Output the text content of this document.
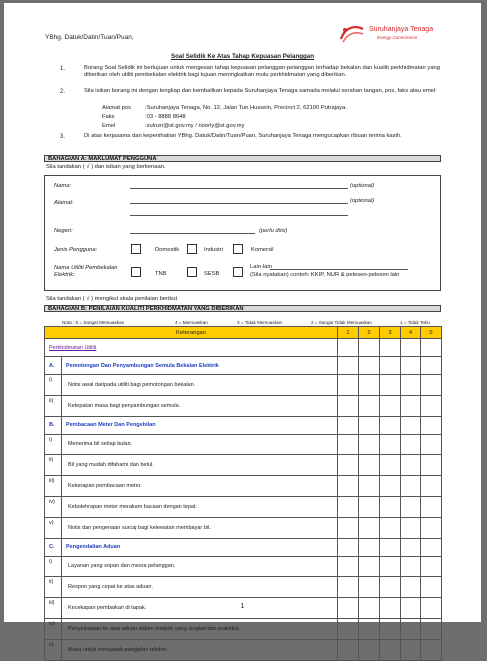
YBhg. Datuk/Datin/Tuan/Puan,
Suruhanjaya Tenaga
Energy Commission
Soal Selidik Ke Atas Tahap Kepuasan Pelanggan
1.	Borang Soal Selidik ini bertujuan untuk mengesan tahap kepuasan pelanggan-pelanggan terhadap bekalan dan kualiti perkhidmatan yang diberikan oleh utiliti pembekalan elektrik bagi tujuan meningkatkan mutu perkhidmatan yang diberikan.
2.	Sila isikan borang ini dengan lengkap dan kembalikan kepada Suruhanjaya Tenaga samada melalui serahan tangan, pos, faks atau emel:
Alamat pos :Suruhanjaya Tenaga, No. 12, Jalan Tun Hussein, Precinct 2, 62100 Putrajaya.
Faks	:03 - 8888 8648
Emel	:zulozri@st.gov.my / noorly@st.gov.my
3.	Di atas kerjasama dan kepenihatian YBhg. Datuk/Datin/Tuan/Puan, Suruhanjaya Tenaga mengucapkan ribuan terima kasih.
BAHAGIAN A: MAKLUMAT PENGGUNA
Sila tandakan ( √ ) dan isikan yang berkenaan.
Nama:	(optional)
Alamat:	(optional)
Negeri:	(perlu diisi)
Jenis Pengguna:	Domestik	Industri	Komersil
Nama Utiliti Pembekalan Elektrik:	TNB	SESB
Lain-lain
(Sila nyatakan) contoh: KKIP, NUR & pelesen-pelesen lain
Sila tandakan ( √ ) mengikut skala penilaian berikut
BAHAGIAN B: PENILAIAN KUALITI PERKHIDMATAN YANG DIBERIKAN
Nota : 5 = Sangat Memuaskan	4 = Memuaskan	3 = Tidak Memuaskan	2 = Sangat Tidak Memuaskan	1 = Tidak Tahu
Keterangan		1	2	3	4	5
Perkhidmatan Utiliti						
A.	Pemotongan Dan Penyambungan Semula Bekalan Elektrik					
i)	Notis awal daripada utiliti bagi pemotongan bekalan.					
ii)	Ketepatan masa bagi penyambungan semula.					
B.	Pembacaan Meter Dan Pengebilan					
i)	Menerima bil setiap bulan.					
ii)	Bil yang mudah difahami dan betul.					
iii)	Kekerapan pembacaan meter.					
iv)	Kebolehrapan meter merakam bacaan dengan tepat.					
v)	Notis dan pengenaan surcaj bagi kelewatan membayar bil.					
C.	Pengendalian Aduan					
i)	Layanan yang sopan dan mesra pelanggan.					
ii)	Respon yang cepat ke atas aduan.					
iii)	Kecekapan pembaikan di tapak.					
iv)	Penyelesaian ke atas aduan dalam tempoh yang singkat dan praktikal.					
v)	Masa untuk menjawab panggilan telefon.					
1
